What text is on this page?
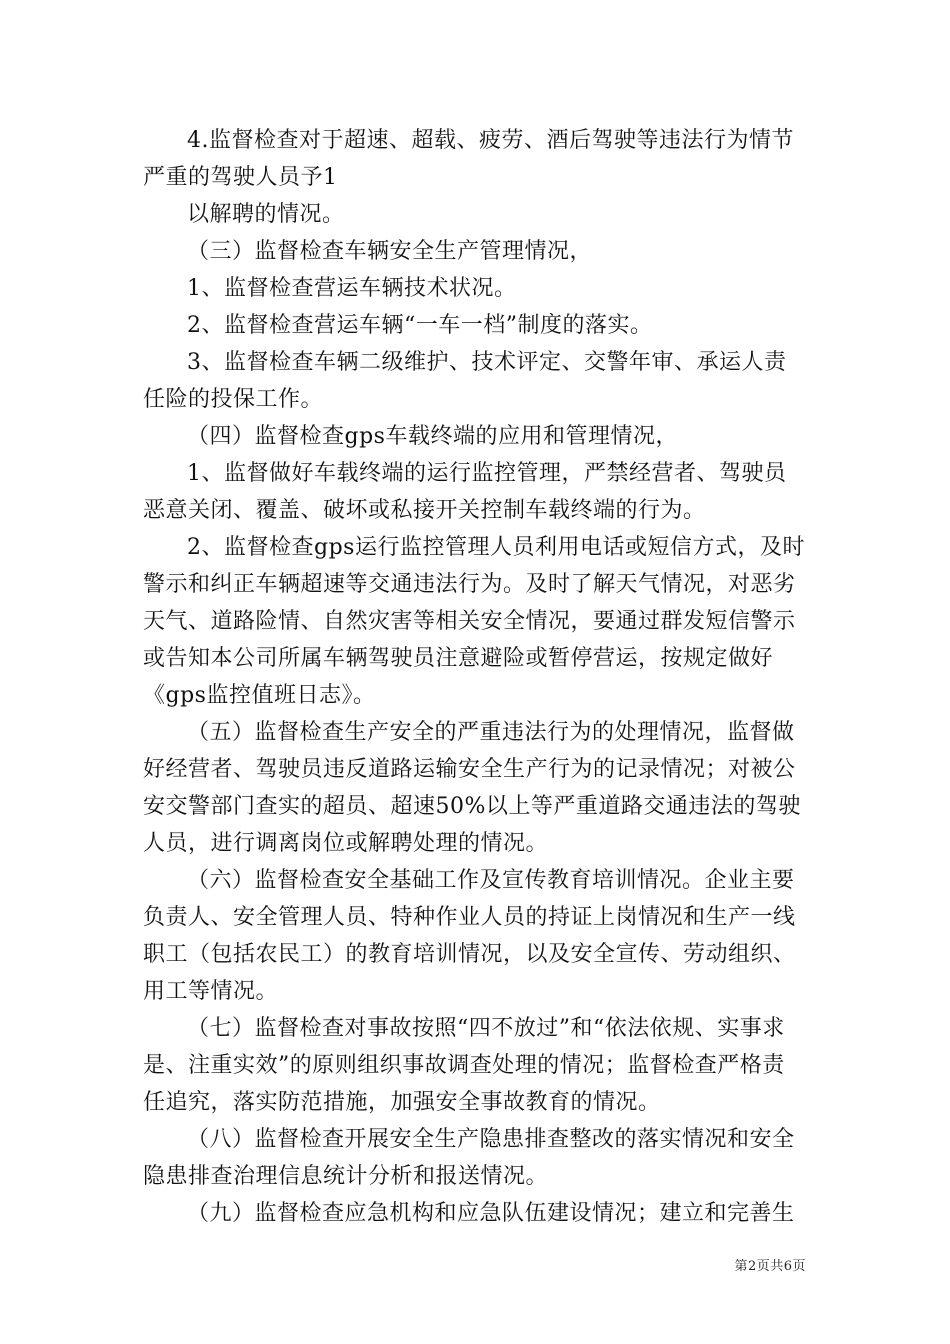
4.监督检查对于超速、超载、疲劳、酒后驾驶等违法行为情节严重的驾驶人员予1

以解聘的情况。

（三）监督检查车辆安全生产管理情况，

1、监督检查营运车辆技术状况。

2、监督检查营运车辆“一车一档”制度的落实。

3、监督检查车辆二级维护、技术评定、交警年审、承运人责任险的投保工作。

（四）监督检查gps车载终端的应用和管理情况，

1、监督做好车载终端的运行监控管理，严禁经营者、驾驶员恶意关闭、覆盖、破坏或私接开关控制车载终端的行为。

2、监督检查gps运行监控管理人员利用电话或短信方式，及时警示和纠正车辆超速等交通违法行为。及时了解天气情况，对恶劣天气、道路险情、自然灾害等相关安全情况，要通过群发短信警示或告知本公司所属车辆驾驶员注意避险或暂停营运，按规定做好《gps监控值班日志》。

（五）监督检查生产安全的严重违法行为的处理情况，监督做好经营者、驾驶员违反道路运输安全生产行为的记录情况；对被公安交警部门查实的超员、超速50%以上等严重道路交通违法的驾驶人员，进行调离岗位或解聘处理的情况。

（六）监督检查安全基础工作及宣传教育培训情况。企业主要负责人、安全管理人员、特种作业人员的持证上岗情况和生产一线职工（包括农民工）的教育培训情况，以及安全宣传、劳动组织、用工等情况。

（七）监督检查对事故按照“四不放过”和“依法依规、实事求是、注重实效”的原则组织事故调查处理的情况；监督检查严格责任追究，落实防范措施，加强安全事故教育的情况。

（八）监督检查开展安全生产隐患排查整改的落实情况和安全隐患排查治理信息统计分析和报送情况。

（九）监督检查应急机构和应急队伍建设情况；建立和完善生

第2页共6页
